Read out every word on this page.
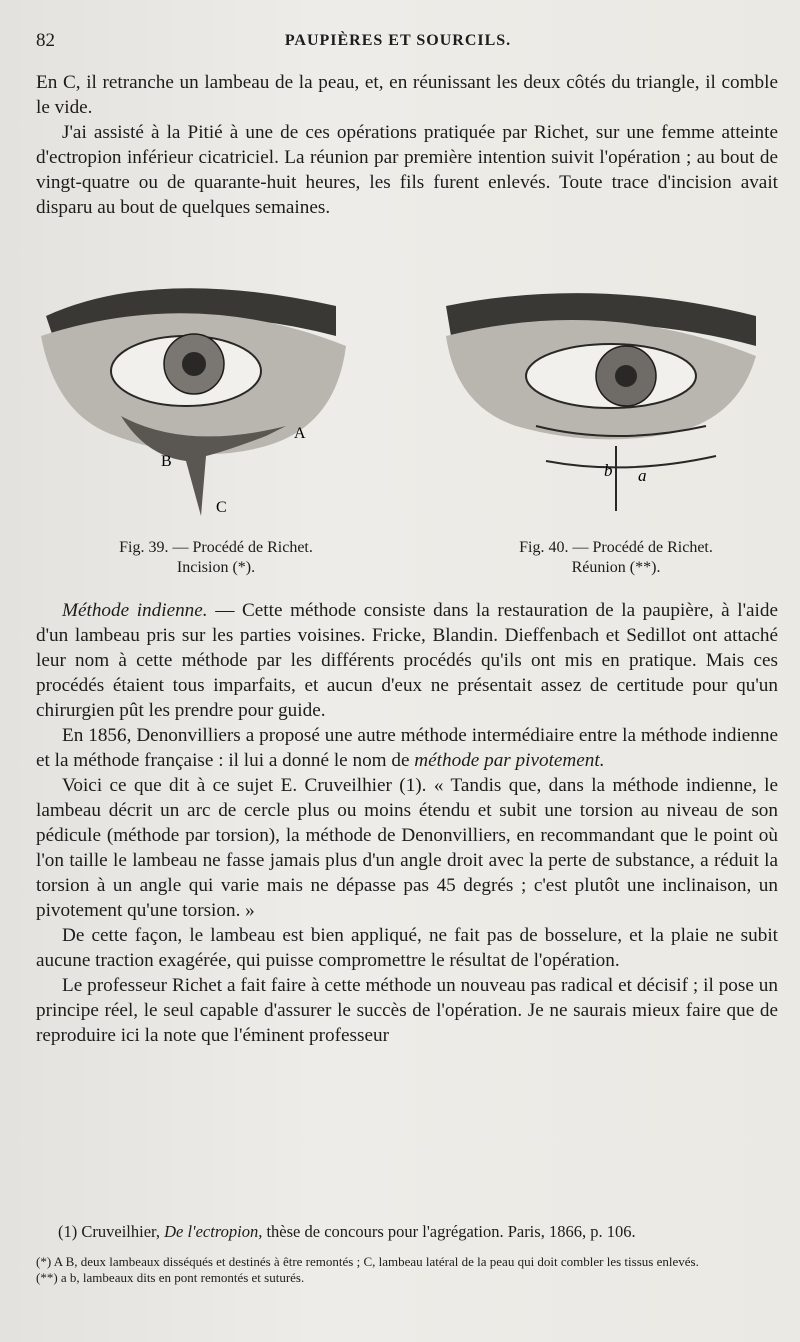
82	PAUPIÈRES ET SOURCILS.

En C, il retranche un lambeau de la peau, et, en réunissant les deux côtés du triangle, il comble le vide.

J'ai assisté à la Pitié à une de ces opérations pratiquée par Richet, sur une femme atteinte d'ectropion inférieur cicatriciel. La réunion par première intention suivit l'opération ; au bout de vingt-quatre ou de quarante-huit heures, les fils furent enlevés. Toute trace d'incision avait disparu au bout de quelques semaines.

B
A
C
Fig. 39. — Procédé de Richet.
Incision (*).
b a
Fig. 40. — Procédé de Richet.
Réunion (**).

Méthode indienne. — Cette méthode consiste dans la restauration de la paupière, à l'aide d'un lambeau pris sur les parties voisines. Fricke, Blandin. Dieffenbach et Sedillot ont attaché leur nom à cette méthode par les différents procédés qu'ils ont mis en pratique. Mais ces procédés étaient tous imparfaits, et aucun d'eux ne présentait assez de certitude pour qu'un chirurgien pût les prendre pour guide.

En 1856, Denonvilliers a proposé une autre méthode intermédiaire entre la méthode indienne et la méthode française : il lui a donné le nom de méthode par pivotement.

Voici ce que dit à ce sujet E. Cruveilhier (1). « Tandis que, dans la méthode indienne, le lambeau décrit un arc de cercle plus ou moins étendu et subit une torsion au niveau de son pédicule (méthode par torsion), la méthode de Denonvilliers, en recommandant que le point où l'on taille le lambeau ne fasse jamais plus d'un angle droit avec la perte de substance, a réduit la torsion à un angle qui varie mais ne dépasse pas 45 degrés ; c'est plutôt une inclinaison, un pivotement qu'une torsion. »

De cette façon, le lambeau est bien appliqué, ne fait pas de bosselure, et la plaie ne subit aucune traction exagérée, qui puisse compromettre le résultat de l'opération.

Le professeur Richet a fait faire à cette méthode un nouveau pas radical et décisif ; il pose un principe réel, le seul capable d'assurer le succès de l'opération. Je ne saurais mieux faire que de reproduire ici la note que l'éminent professeur

(1) Cruveilhier, De l'ectropion, thèse de concours pour l'agrégation. Paris, 1866, p. 106.

(*) A B, deux lambeaux disséqués et destinés à être remontés ; C, lambeau latéral de la peau qui doit combler les tissus enlevés.

(**) a b, lambeaux dits en pont remontés et suturés.
